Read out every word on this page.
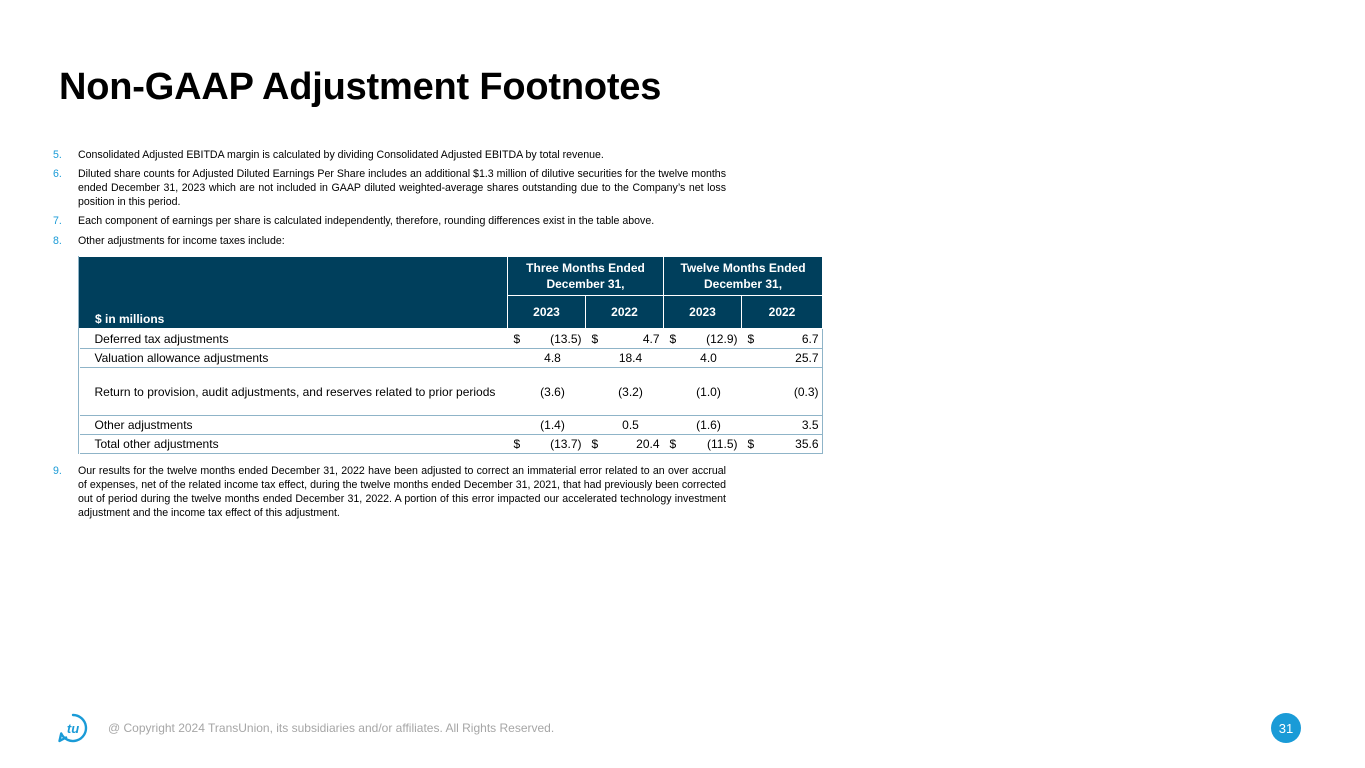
Non-GAAP Adjustment Footnotes
5. Consolidated Adjusted EBITDA margin is calculated by dividing Consolidated Adjusted EBITDA by total revenue.
6. Diluted share counts for Adjusted Diluted Earnings Per Share includes an additional $1.3 million of dilutive securities for the twelve months ended December 31, 2023 which are not included in GAAP diluted weighted-average shares outstanding due to the Company’s net loss position in this period.
7. Each component of earnings per share is calculated independently, therefore, rounding differences exist in the table above.
8. Other adjustments for income taxes include:
$ in millions	Three Months Ended December 31,		Twelve Months Ended December 31,	
	2023	2022	2023	2022
Deferred tax adjustments	$ (13.5)	$ 4.7	$ (12.9)	$ 6.7

Valuation allowance adjustments	4.8	18.4	4.0	25.7

Return to provision, audit adjustments, and reserves related to prior periods	(3.6)	(3.2)	(1.0)	(0.3)

Other adjustments	(1.4)	0.5	(1.6)	3.5

Total other adjustments	$ (13.7)	$ 20.4	$ (11.5)	$ 35.6
9. Our results for the twelve months ended December 31, 2022 have been adjusted to correct an immaterial error related to an over accrual of expenses, net of the related income tax effect, during the twelve months ended December 31, 2021, that had previously been corrected out of period during the twelve months ended December 31, 2022. A portion of this error impacted our accelerated technology investment adjustment and the income tax effect of this adjustment.
tu @ Copyright 2024 TransUnion, its subsidiaries and/or affiliates. All Rights Reserved.	31
